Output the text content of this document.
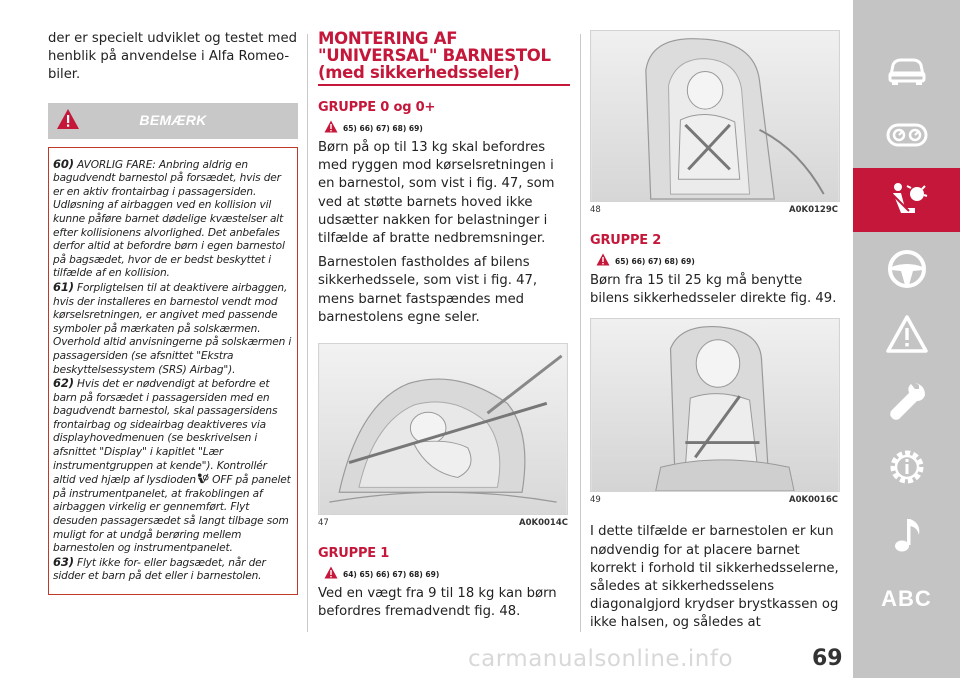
der er specielt udviklet og testet med henblik på anvendelse i Alfa Romeo-biler.

BEMÆRK
60) AVORLIG FARE: Anbring aldrig en bagudvendt barnestol på forsædet, hvis der er en aktiv frontairbag i passagersiden. Udløsning af airbaggen ved en kollision vil kunne påføre barnet dødelige kvæstelser alt efter kollisionens alvorlighed. Det anbefales derfor altid at befordre børn i egen barnestol på bagsædet, hvor de er bedst beskyttet i tilfælde af en kollision.
61) Forpligtelsen til at deaktivere airbaggen, hvis der installeres en barnestol vendt mod kørselsretningen, er angivet med passende symboler på mærkaten på solskærmen. Overhold altid anvisningerne på solskærmen i passagersiden (se afsnittet "Ekstra beskyttelsessystem (SRS) Airbag").
62) Hvis det er nødvendigt at befordre et barn på forsædet i passagersiden med en bagudvendt barnestol, skal passagersidens frontairbag og sideairbag deaktiveres via displayhovedmenuen (se beskrivelsen i afsnittet "Display" i kapitlet "Lær instrumentgruppen at kende"). Kontrollér altid ved hjælp af lysdioden OFF på panelet på instrumentpanelet, at frakoblingen af airbaggen virkelig er gennemført. Flyt desuden passagersædet så langt tilbage som muligt for at undgå berøring mellem barnestolen og instrumentpanelet.
63) Flyt ikke for- eller bagsædet, når der sidder et barn på det eller i barnestolen.
MONTERING AF "UNIVERSAL" BARNESTOL (med sikkerhedsseler)
GRUPPE 0 og 0+
65) 66) 67) 68) 69)

Børn på op til 13 kg skal befordres med ryggen mod kørselsretningen i en barnestol, som vist i fig. 47, som ved at støtte barnets hoved ikke udsætter nakken for belastninger i tilfælde af bratte nedbremsninger.

Barnestolen fastholdes af bilens sikkerhedssele, som vist i fig. 47, mens barnet fastspændes med barnestolens egne seler.

47	A0K0014C
GRUPPE 1
64) 65) 66) 67) 68) 69)

Ved en vægt fra 9 til 18 kg kan børn befordres fremadvendt fig. 48.

48	A0K0129C
GRUPPE 2
65) 66) 67) 68) 69)

Børn fra 15 til 25 kg må benytte bilens sikkerhedsseler direkte fig. 49.

49	A0K0016C

I dette tilfælde er barnestolen er kun nødvendig for at placere barnet korrekt i forhold til sikkerhedsselerne, således at sikkerhedsselens diagonalgjord krydser brystkassen og ikke halsen, og således at

ABC
carmanualsonline.info	69
